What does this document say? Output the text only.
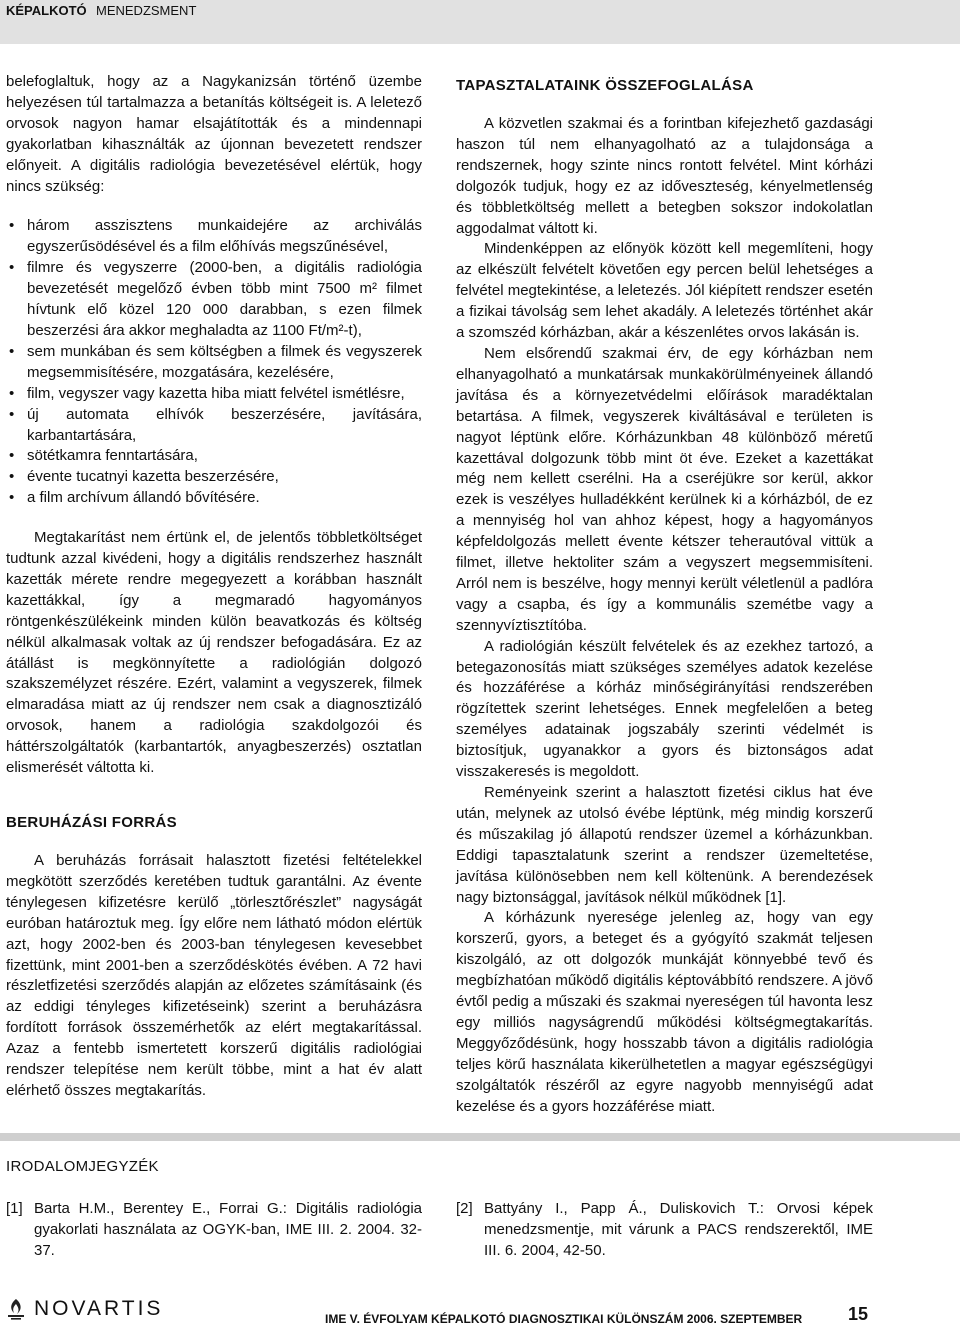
KÉPALKOTÓ MENEDZSMENT

belefoglaltuk, hogy az a Nagykanizsán történő üzembe helyezésen túl tartalmazza a betanítás költségeit is. A leletező orvosok nagyon hamar elsajátították és a mindennapi gyakorlatban kihasználták az újonnan bevezetett rendszer előnyeit. A digitális radiológia bevezetésével elértük, hogy nincs szükség:

• három asszisztens munkaidejére az archiválás egyszerűsödésével és a film előhívás megszűnésével,
• filmre és vegyszerre (2000-ben, a digitális radiológia bevezetését megelőző évben több mint 7500 m² filmet hívtunk elő közel 120 000 darabban, s ezen filmek beszerzési ára akkor meghaladta az 1100 Ft/m²-t),
• sem munkában és sem költségben a filmek és vegyszerek megsemmisítésére, mozgatására, kezelésére,
• film, vegyszer vagy kazetta hiba miatt felvétel ismétlésre,
• új automata elhívók beszerzésére, javítására, karbantartására,
• sötétkamra fenntartására,
• évente tucatnyi kazetta beszerzésére,
• a film archívum állandó bővítésére.

Megtakarítást nem értünk el, de jelentős többletköltséget tudtunk azzal kivédeni, hogy a digitális rendszerhez használt kazetták mérete rendre megegyezett a korábban használt kazettákkal, így a megmaradó hagyományos röntgenkészülékeink minden külön beavatkozás és költség nélkül alkalmasak voltak az új rendszer befogadására. Ez az átállást is megkönnyítette a radiológián dolgozó szakszemélyzet részére. Ezért, valamint a vegyszerek, filmek elmaradása miatt az új rendszer nem csak a diagnosztizáló orvosok, hanem a radiológia szakdolgozói és háttérszolgáltatók (karbantartók, anyagbeszerzés) osztatlan elismerését váltotta ki.

BERUHÁZÁSI FORRÁS

A beruházás forrásait halasztott fizetési feltételekkel megkötött szerződés keretében tudtuk garantálni. Az évente ténylegesen kifizetésre kerülő „törlesztőrészlet” nagyságát euróban határoztuk meg. Így előre nem látható módon elértük azt, hogy 2002-ben és 2003-ban ténylegesen kevesebbet fizettünk, mint 2001-ben a szerződéskötés évében. A 72 havi részletfizetési szerződés alapján az előzetes számításaink (és az eddigi tényleges kifizetéseink) szerint a beruházásra fordított források összemérhetők az elért megtakarítással. Azaz a fentebb ismertetett korszerű digitális radiológiai rendszer telepítése nem került többe, mint a hat év alatt elérhető összes megtakarítás.

TAPASZTALATAINK ÖSSZEFOGLALÁSA

A közvetlen szakmai és a forintban kifejezhető gazdasági haszon túl nem elhanyagolható az a tulajdonsága a rendszernek, hogy szinte nincs rontott felvétel. Mint kórházi dolgozók tudjuk, hogy ez az időveszteség, kényelmetlenség és többletköltség mellett a betegben sokszor indokolatlan aggodalmat váltott ki.

Mindenképpen az előnyök között kell megemlíteni, hogy az elkészült felvételt követően egy percen belül lehetséges a felvétel megtekintése, a leletezés. Jól kiépített rendszer esetén a fizikai távolság sem lehet akadály. A leletezés történhet akár a szomszéd kórházban, akár a készenlétes orvos lakásán is.

Nem elsőrendű szakmai érv, de egy kórházban nem elhanyagolható a munkatársak munkakörülményeinek állandó javítása és a környezetvédelmi előírások maradéktalan betartása. A filmek, vegyszerek kiváltásával e területen is nagyot léptünk előre. Kórházunkban 48 különböző méretű kazettával dolgozunk több mint öt éve. Ezeket a kazettákat még nem kellett cserélni. Ha a cseréjükre sor kerül, akkor ezek is veszélyes hulladékként kerülnek ki a kórházból, de ez a mennyiség hol van ahhoz képest, hogy a hagyományos képfeldolgozás mellett évente kétszer teherautóval vittük a filmet, illetve hektoliter szám a vegyszert megsemmisíteni. Arról nem is beszélve, hogy mennyi került véletlenül a padlóra vagy a csapba, és így a kommunális szemétbe vagy a szennyvíztisztítóba.

A radiológián készült felvételek és az ezekhez tartozó, a betegazonosítás miatt szükséges személyes adatok kezelése és hozzáférése a kórház minőségirányítási rendszerében rögzítettek szerint lehetséges. Ennek megfelelően a beteg személyes adatainak jogszabály szerinti védelmét is biztosítjuk, ugyanakkor a gyors és biztonságos adat visszakeresés is megoldott.

Reményeink szerint a halasztott fizetési ciklus hat éve után, melynek az utolsó évébe léptünk, még mindig korszerű és műszakilag jó állapotú rendszer üzemel a kórházunkban. Eddigi tapasztalatunk szerint a rendszer üzemeltetése, javítása különösebben nem kell költenünk. A berendezések nagy biztonsággal, javítások nélkül működnek [1].

A kórházunk nyeresége jelenleg az, hogy van egy korszerű, gyors, a beteget és a gyógyító szakmát teljesen kiszolgáló, az ott dolgozók munkáját könnyebbé tevő és megbízhatóan működő digitális képtovábbító rendszere. A jövő évtől pedig a műszaki és szakmai nyereségen túl havonta lesz egy milliós nagyságrendű működési költségmegtakarítás. Meggyőződésünk, hogy hosszabb távon a digitális radiológia teljes körű használata kikerülhetetlen a magyar egészségügyi szolgáltatók részéről az egyre nagyobb mennyiségű adat kezelése és a gyors hozzáférése miatt.

IRODALOMJEGYZÉK
[1] Barta H.M., Berentey E., Forrai G.: Digitális radiológia gyakorlati használata az OGYK-ban, IME III. 2. 2004. 32-37.
[2] Battyány I., Papp Á., Duliskovich T.: Orvosi képek menedzsmentje, mit várunk a PACS rendszerektől, IME III. 6. 2004, 42-50.
NOVARTIS	IME V. ÉVFOLYAM KÉPALKOTÓ DIAGNOSZTIKAI KÜLÖNSZÁM 2006. SZEPTEMBER	15
